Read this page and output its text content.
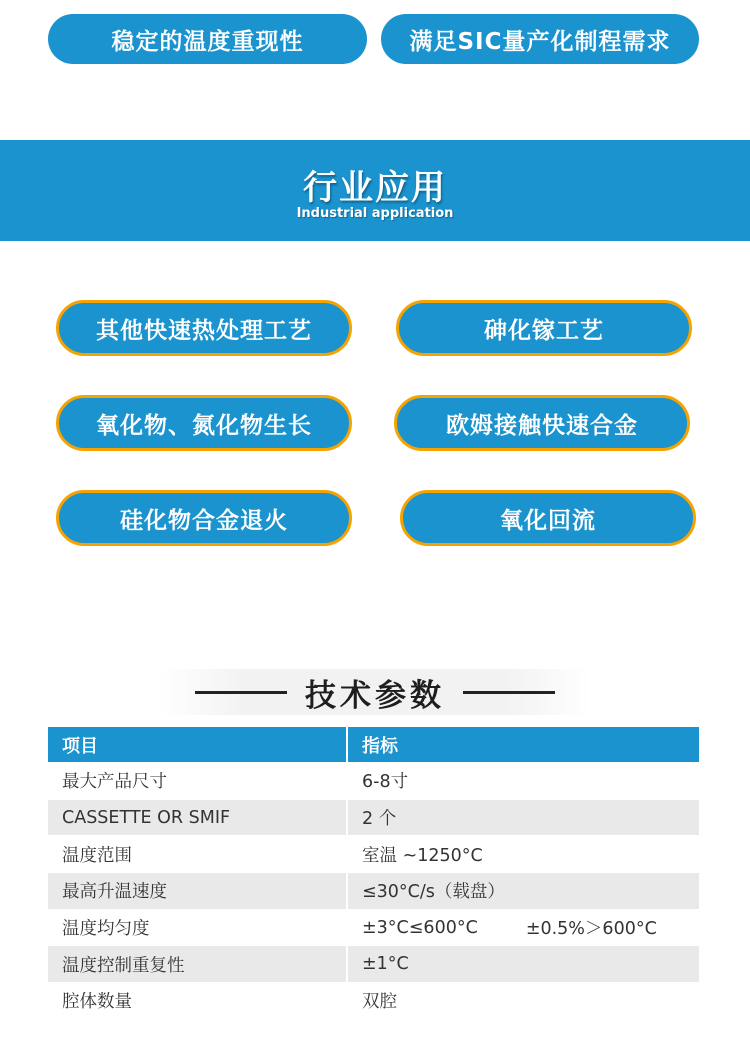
稳定的温度重现性	满足SIC量产化制程需求
行业应用
Industrial application
其他快速热处理工艺	砷化镓工艺
氧化物、氮化物生长	欧姆接触快速合金
硅化物合金退火	氧化回流
技术参数
项目	指标
最大产品尺寸	6-8寸
CASSETTE OR SMIF	2 个
温度范围	室温 ~1250°C
最高升温速度	≤30°C/s（载盘）
温度均匀度	±3°C≤600°C	±0.5%＞600°C
温度控制重复性	±1°C
腔体数量	双腔
